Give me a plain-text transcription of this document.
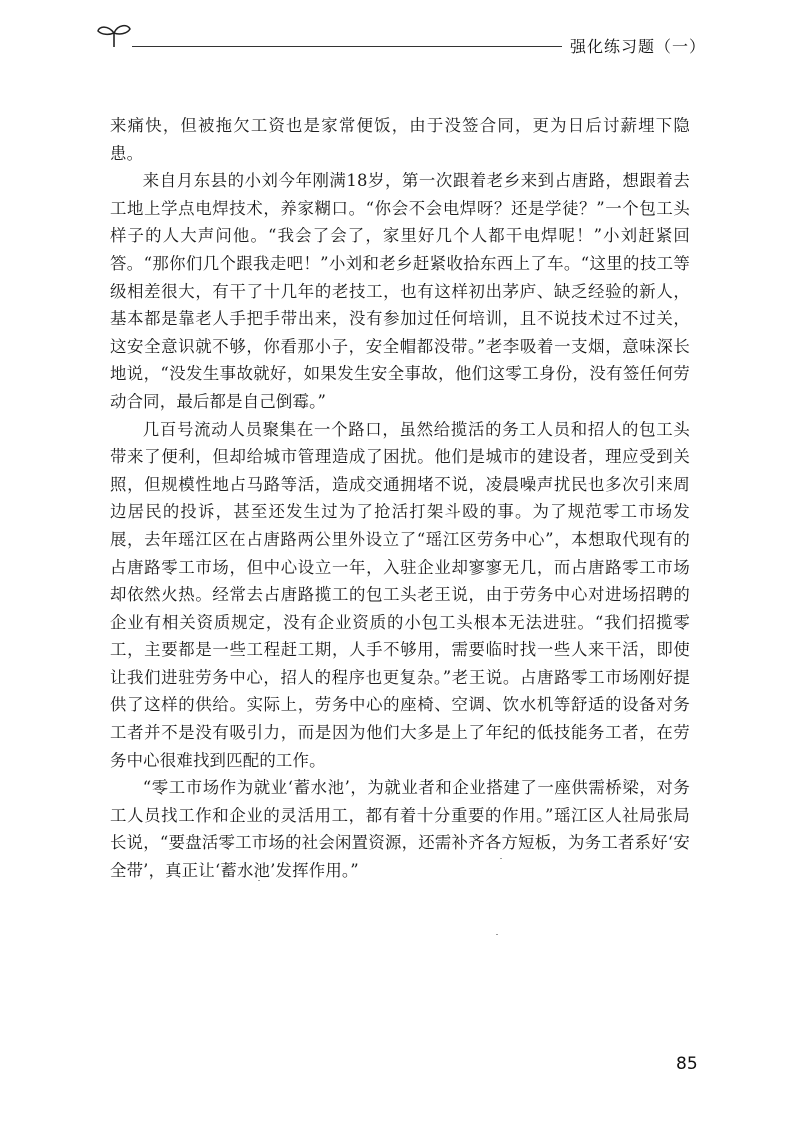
强化练习题（一）

来痛快，但被拖欠工资也是家常便饭，由于没签合同，更为日后讨薪埋下隐患。

来自月东县的小刘今年刚满18岁，第一次跟着老乡来到占唐路，想跟着去工地上学点电焊技术，养家糊口。“你会不会电焊呀？还是学徒？”一个包工头样子的人大声问他。“我会了会了，家里好几个人都干电焊呢！”小刘赶紧回答。“那你们几个跟我走吧！”小刘和老乡赶紧收拾东西上了车。“这里的技工等级相差很大，有干了十几年的老技工，也有这样初出茅庐、缺乏经验的新人，基本都是靠老人手把手带出来，没有参加过任何培训，且不说技术过不过关，这安全意识就不够，你看那小子，安全帽都没带。”老李吸着一支烟，意味深长地说，“没发生事故就好，如果发生安全事故，他们这零工身份，没有签任何劳动合同，最后都是自己倒霉。”

几百号流动人员聚集在一个路口，虽然给揽活的务工人员和招人的包工头带来了便利，但却给城市管理造成了困扰。他们是城市的建设者，理应受到关照，但规模性地占马路等活，造成交通拥堵不说，凌晨噪声扰民也多次引来周边居民的投诉，甚至还发生过为了抢活打架斗殴的事。为了规范零工市场发展，去年瑶江区在占唐路两公里外设立了“瑶江区劳务中心”，本想取代现有的占唐路零工市场，但中心设立一年，入驻企业却寥寥无几，而占唐路零工市场却依然火热。经常去占唐路揽工的包工头老王说，由于劳务中心对进场招聘的企业有相关资质规定，没有企业资质的小包工头根本无法进驻。“我们招揽零工，主要都是一些工程赶工期，人手不够用，需要临时找一些人来干活，即使让我们进驻劳务中心，招人的程序也更复杂。”老王说。占唐路零工市场刚好提供了这样的供给。实际上，劳务中心的座椅、空调、饮水机等舒适的设备对务工者并不是没有吸引力，而是因为他们大多是上了年纪的低技能务工者，在劳务中心很难找到匹配的工作。

“零工市场作为就业‘蓄水池’，为就业者和企业搭建了一座供需桥梁，对务工人员找工作和企业的灵活用工，都有着十分重要的作用。”瑶江区人社局张局长说，“要盘活零工市场的社会闲置资源，还需补齐各方短板，为务工者系好‘安全带’，真正让‘蓄水池’发挥作用。”

85
